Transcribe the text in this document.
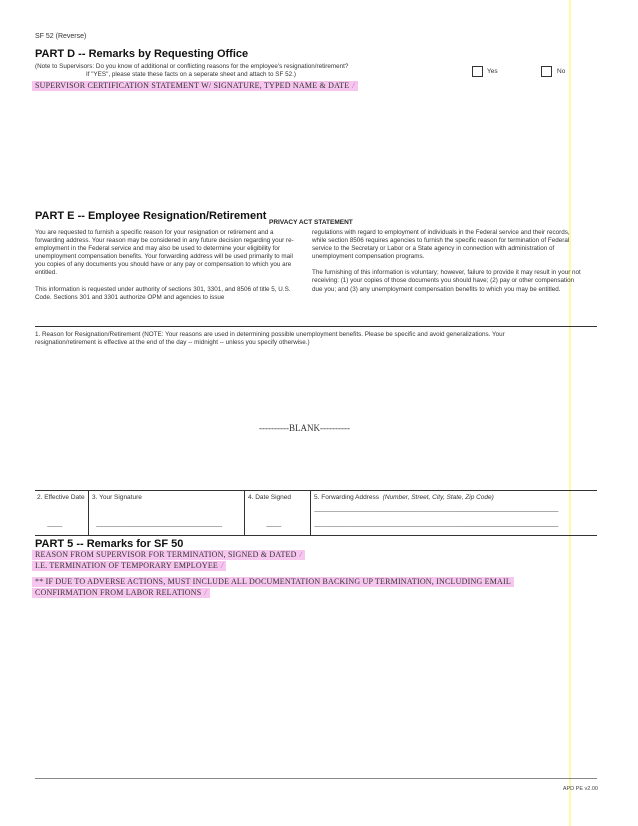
SF 52 (Reverse)
PART D -- Remarks by Requesting Office
(Note to Supervisors: Do you know of additional or conflicting reasons for the employee's resignation/retirement?
If "YES", please state these facts on a seperate sheet and attach to SF 52.)	Yes	No
SUPERVISOR CERTIFICATION STATEMENT W/ SIGNATURE, TYPED NAME & DATE /
PART E -- Employee Resignation/Retirement
PRIVACY ACT STATEMENT

You are requested to furnish a specific reason for your resignation or retirement and a forwarding address. Your reason may be considered in any future decision regarding your re-employment in the Federal service and may also be used to determine your eligibility for unemployment compensation benefits. Your forwarding address will be used primarily to mail you copies of any documents you should have or any pay or compensation to which you are entitled.

This information is requested under authority of sections 301, 3301, and 8506 of title 5, U.S. Code. Sections 301 and 3301 authorize OPM and agencies to issue

regulations with regard to employment of individuals in the Federal service and their records, while section 8506 requires agencies to furnish the specific reason for termination of Federal service to the Secretary or Labor or a State agency in connection with administration of unemployment compensation programs.

The furnishing of this information is voluntary; however, failure to provide it may result in your not receiving: (1) your copies of those documents you should have; (2) pay or other compensation due you; and (3) any unemployment compensation benefits to which you may be entitled.

1. Reason for Resignation/Retirement (NOTE: Your reasons are used in determining possible unemployment benefits. Please be specific and avoid generalizations. Your
resignation/retirement is effective at the end of the day -- midnight -- unless you specify otherwise.)
----------BLANK----------
2. Effective Date 3. Your Signature	4. Date Signed	5. Forwarding Address (Number, Street, City, State, Zip Code)
-------------------------------------------------------------------------------------------------------------------------------------------------------------------
----------	------------------------------------------------------------------------------------	----------	-------------------------------------------------------------------------------------------------------------------------------------------------------------------
PART 5 -- Remarks for SF 50
REASON FROM SUPERVISOR FOR TERMINATION, SIGNED & DATED /
I.E. TERMINATION OF TEMPORARY EMPLOYEE /
** IF DUE TO ADVERSE ACTIONS, MUST INCLUDE ALL DOCUMENTATION BACKING UP TERMINATION, INCLUDING EMAIL
CONFIRMATION FROM LABOR RELATIONS /
APD PE v2.00
